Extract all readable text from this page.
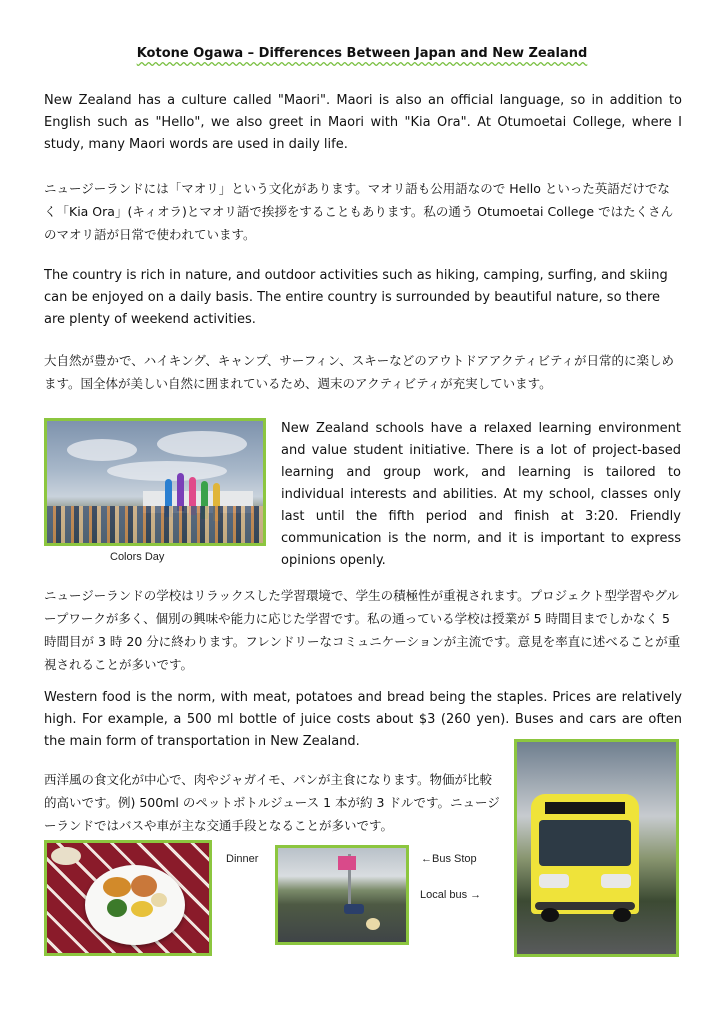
Kotone Ogawa – Differences Between Japan and New Zealand

New Zealand has a culture called "Maori". Maori is also an official language, so in addition to English such as "Hello", we also greet in Maori with "Kia Ora". At Otumoetai College, where I study, many Maori words are used in daily life.

ニュージーランドには「マオリ」という文化があります。マオリ語も公用語なので Hello といった英語だけでなく「Kia Ora」(キィオラ)とマオリ語で挨拶をすることもあります。私の通う Otumoetai College ではたくさんのマオリ語が日常で使われています。

The country is rich in nature, and outdoor activities such as hiking, camping, surfing, and skiing can be enjoyed on a daily basis. The entire country is surrounded by beautiful nature, so there are plenty of weekend activities.

大自然が豊かで、ハイキング、キャンプ、サーフィン、スキーなどのアウトドアアクティビティが日常的に楽しめます。国全体が美しい自然に囲まれているため、週末のアクティビティが充実しています。

Colors Day

New Zealand schools have a relaxed learning environment and value student initiative. There is a lot of project-based learning and group work, and learning is tailored to individual interests and abilities. At my school, classes only last until the fifth period and finish at 3:20. Friendly communication is the norm, and it is important to express opinions openly.

ニュージーランドの学校はリラックスした学習環境で、学生の積極性が重視されます。プロジェクト型学習やグループワークが多く、個別の興味や能力に応じた学習です。私の通っている学校は授業が 5 時間目までしかなく 5 時間目が 3 時 20 分に終わります。フレンドリーなコミュニケーションが主流です。意見を率直に述べることが重視されることが多いです。

Western food is the norm, with meat, potatoes and bread being the staples. Prices are relatively high. For example, a 500 ml bottle of juice costs about $3 (260 yen). Buses and cars are often the main form of transportation in New Zealand.

西洋風の食文化が中心で、肉やジャガイモ、パンが主食になります。物価が比較的高いです。例) 500ml のペットボトルジュース 1 本が約 3 ドルです。ニュージーランドではバスや車が主な交通手段となることが多いです。

Dinner	←Bus Stop
Local bus →
